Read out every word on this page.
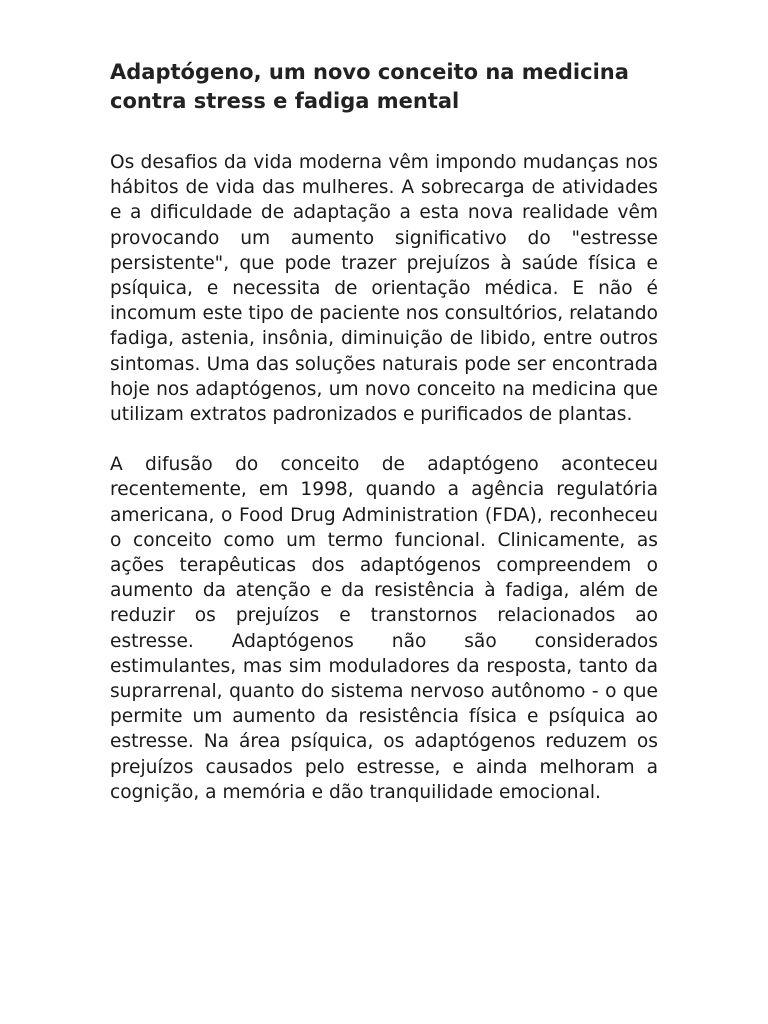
Adaptógeno, um novo conceito na medicina contra stress e fadiga mental

Os desafios da vida moderna vêm impondo mudanças nos hábitos de vida das mulheres. A sobrecarga de atividades e a dificuldade de adaptação a esta nova realidade vêm provocando um aumento significativo do "estresse persistente", que pode trazer prejuízos à saúde física e psíquica, e necessita de orientação médica. E não é incomum este tipo de paciente nos consultórios, relatando fadiga, astenia, insônia, diminuição de libido, entre outros sintomas. Uma das soluções naturais pode ser encontrada hoje nos adaptógenos, um novo conceito na medicina que utilizam extratos padronizados e purificados de plantas.

A difusão do conceito de adaptógeno aconteceu recentemente, em 1998, quando a agência regulatória americana, o Food Drug Administration (FDA), reconheceu o conceito como um termo funcional. Clinicamente, as ações terapêuticas dos adaptógenos compreendem o aumento da atenção e da resistência à fadiga, além de reduzir os prejuízos e transtornos relacionados ao estresse. Adaptógenos não são considerados estimulantes, mas sim moduladores da resposta, tanto da suprarrenal, quanto do sistema nervoso autônomo - o que permite um aumento da resistência física e psíquica ao estresse. Na área psíquica, os adaptógenos reduzem os prejuízos causados pelo estresse, e ainda melhoram a cognição, a memória e dão tranquilidade emocional.
